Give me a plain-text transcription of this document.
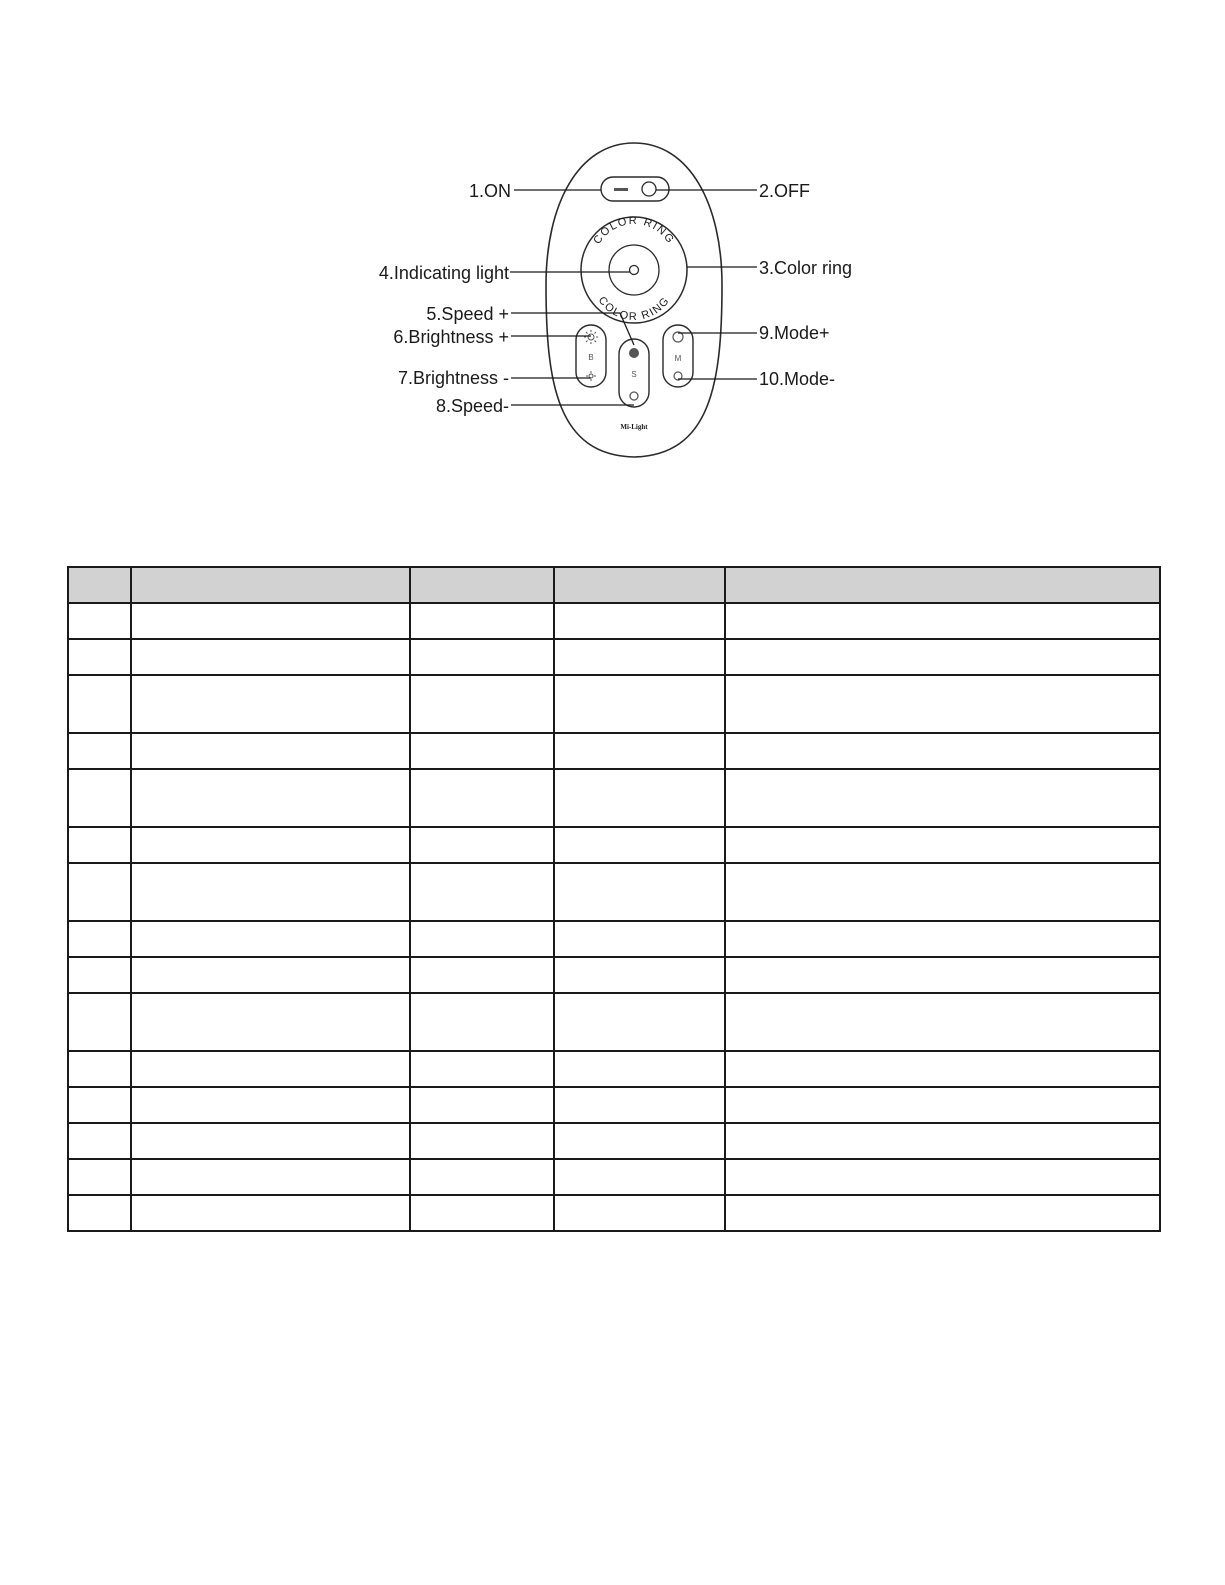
COLOR RING
COLOR RING
B
S
M
Mi-Light
1.ON	2.OFF
3.Color ring
4.Indicating light
5.Speed +
6.Brightness +
7.Brightness -
8.Speed-
9.Mode+
10.Mode-
